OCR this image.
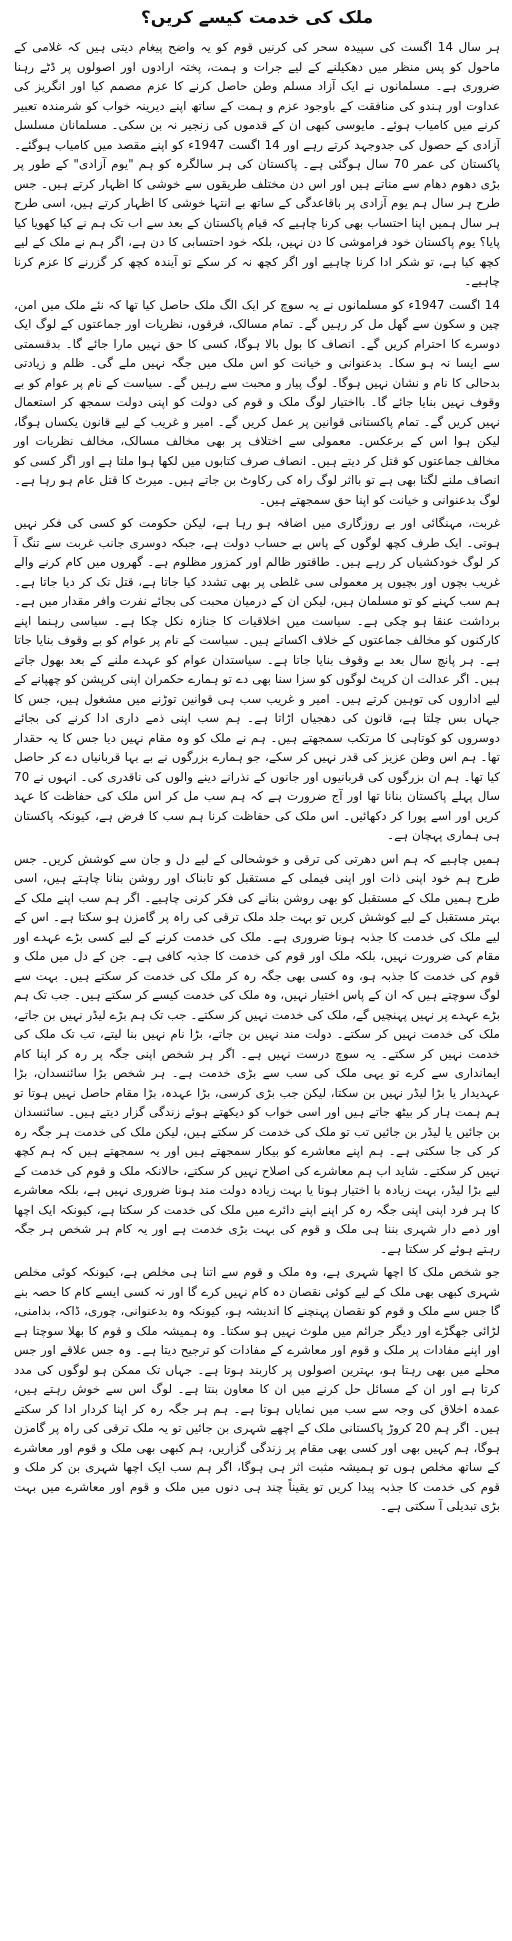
ملک کی خدمت کیسے کریں؟

ہر سال 14 اگست کی سپیدہ سحر کی کرنیں قوم کو یہ واضح پیغام دیتی ہیں کہ غلامی کے ماحول کو پس منظر میں دھکیلنے کے لیے جرات و ہمت، پختہ ارادوں اور اصولوں پر ڈٹے رہنا ضروری ہے۔ مسلمانوں نے ایک آزاد مسلم وطن حاصل کرنے کا عزم مصمم کیا اور انگریز کی عداوت اور ہندو کی منافقت کے باوجود عزم و ہمت کے ساتھ اپنے دیرینہ خواب کو شرمندہ تعبیر کرنے میں کامیاب ہوئے۔ مایوسی کبھی ان کے قدموں کی زنجیر نہ بن سکی۔ مسلمانان مسلسل آزادی کے حصول کی جدوجہد کرتے رہے اور 14 اگست 1947ء کو اپنے مقصد میں کامیاب ہوگئے۔ پاکستان کی عمر 70 سال ہوگئی ہے۔ پاکستان کی ہر سالگرہ کو ہم "یوم آزادی" کے طور پر بڑی دھوم دھام سے مناتے ہیں اور اس دن مختلف طریقوں سے خوشی کا اظہار کرتے ہیں۔ جس طرح ہر سال ہم یوم آزادی پر باقاعدگی کے ساتھ بے انتہا خوشی کا اظہار کرتے ہیں، اسی طرح ہر سال ہمیں اپنا احتساب بھی کرنا چاہیے کہ قیام پاکستان کے بعد سے اب تک ہم نے کیا کھویا کیا پایا؟ یوم پاکستان خود فراموشی کا دن نہیں، بلکہ خود احتسابی کا دن ہے، اگر ہم نے ملک کے لیے کچھ کیا ہے، تو شکر ادا کرنا چاہیے اور اگر کچھ نہ کر سکے تو آیندہ کچھ کر گزرنے کا عزم کرنا چاہیے۔

14 اگست 1947ء کو مسلمانوں نے یہ سوچ کر ایک الگ ملک حاصل کیا تھا کہ نئے ملک میں امن، چین و سکون سے گھل مل کر رہیں گے۔ تمام مسالک، فرقوں، نظریات اور جماعتوں کے لوگ ایک دوسرے کا احترام کریں گے۔ انصاف کا بول بالا ہوگا، کسی کا حق نہیں مارا جائے گا۔ بدقسمتی سے ایسا نہ ہو سکا۔ بدعنوانی و خیانت کو اس ملک میں جگہ نہیں ملے گی۔ ظلم و زیادتی بدحالی کا نام و نشان نہیں ہوگا۔ لوگ پیار و محبت سے رہیں گے۔ سیاست کے نام پر عوام کو بے وقوف نہیں بنایا جائے گا۔ بااختیار لوگ ملک و قوم کی دولت کو اپنی دولت سمجھ کر استعمال نہیں کریں گے۔ تمام پاکستانی قوانین پر عمل کریں گے۔ امیر و غریب کے لیے قانون یکساں ہوگا، لیکن ہوا اس کے برعکس۔ معمولی سے اختلاف پر بھی مخالف مسالک، مخالف نظریات اور مخالف جماعتوں کو قتل کر دیتے ہیں۔ انصاف صرف کتابوں میں لکھا ہوا ملتا ہے اور اگر کسی کو انصاف ملنے لگتا بھی ہے تو بااثر لوگ راہ کی رکاوٹ بن جاتے ہیں۔ میرٹ کا قتل عام ہو رہا ہے۔ لوگ بدعنوانی و خیانت کو اپنا حق سمجھتے ہیں۔

غربت، مہنگائی اور بے روزگاری میں اضافہ ہو رہا ہے، لیکن حکومت کو کسی کی فکر نہیں ہوتی۔ ایک طرف کچھ لوگوں کے پاس بے حساب دولت ہے، جبکہ دوسری جانب غربت سے تنگ آ کر لوگ خودکشیاں کر رہے ہیں۔ طاقتور ظالم اور کمزور مظلوم ہے۔ گھروں میں کام کرنے والے غریب بچوں اور بچیوں پر معمولی سی غلطی پر بھی تشدد کیا جاتا ہے، قتل تک کر دیا جاتا ہے۔ ہم سب کہنے کو تو مسلمان ہیں، لیکن ان کے درمیان محبت کی بجائے نفرت وافر مقدار میں ہے۔ برداشت عنقا ہو چکی ہے۔ سیاست میں اخلاقیات کا جنازہ نکل چکا ہے۔ سیاسی رہنما اپنے کارکنوں کو مخالف جماعتوں کے خلاف اکساتے ہیں۔ سیاست کے نام پر عوام کو بے وقوف بنایا جاتا ہے۔ ہر پانچ سال بعد بے وقوف بنایا جاتا ہے۔ سیاستدان عوام کو عہدے ملنے کے بعد بھول جاتے ہیں۔ اگر عدالت ان کرپٹ لوگوں کو سزا سنا بھی دے تو ہمارے حکمران اپنی کرپشن کو چھپانے کے لیے اداروں کی توہین کرتے ہیں۔ امیر و غریب سب ہی قوانین توڑنے میں مشغول ہیں، جس کا جہاں بس چلتا ہے، قانون کی دھجیاں اڑاتا ہے۔ ہم سب اپنی ذمے داری ادا کرنے کی بجائے دوسروں کو کوتاہی کا مرتکب سمجھتے ہیں۔ ہم نے ملک کو وہ مقام نہیں دیا جس کا یہ حقدار تھا۔ ہم اس وطن عزیز کی قدر نہیں کر سکے، جو ہمارے بزرگوں نے بے بہا قربانیاں دے کر حاصل کیا تھا۔ ہم ان بزرگوں کی قربانیوں اور جانوں کے نذرانے دینے والوں کی ناقدری کی۔ انہوں نے 70 سال پہلے پاکستان بنانا تھا اور آج ضرورت ہے کہ ہم سب مل کر اس ملک کی حفاظت کا عہد کریں اور اسے پورا کر دکھائیں۔ اس ملک کی حفاظت کرنا ہم سب کا فرض ہے، کیونکہ پاکستان ہی ہماری پہچان ہے۔

ہمیں چاہیے کہ ہم اس دھرتی کی ترقی و خوشحالی کے لیے دل و جان سے کوشش کریں۔ جس طرح ہم خود اپنی ذات اور اپنی فیملی کے مستقبل کو تابناک اور روشن بنانا چاہتے ہیں، اسی طرح ہمیں ملک کے مستقبل کو بھی روشن بنانے کی فکر کرنی چاہیے۔ اگر ہم سب اپنے ملک کے بہتر مستقبل کے لیے کوشش کریں تو بہت جلد ملک ترقی کی راہ پر گامزن ہو سکتا ہے۔ اس کے لیے ملک کی خدمت کا جذبہ ہونا ضروری ہے۔ ملک کی خدمت کرنے کے لیے کسی بڑے عہدے اور مقام کی ضرورت نہیں، بلکہ ملک اور قوم کی خدمت کا جذبہ کافی ہے۔ جن کے دل میں ملک و قوم کی خدمت کا جذبہ ہو، وہ کسی بھی جگہ رہ کر ملک کی خدمت کر سکتے ہیں۔ بہت سے لوگ سوچتے ہیں کہ ان کے پاس اختیار نہیں، وہ ملک کی خدمت کیسے کر سکتے ہیں۔ جب تک ہم بڑے عہدے پر نہیں پہنچیں گے، ملک کی خدمت نہیں کر سکتے۔ جب تک ہم بڑے لیڈر نہیں بن جاتے، ملک کی خدمت نہیں کر سکتے۔ دولت مند نہیں بن جاتے، بڑا نام نہیں بنا لیتے، تب تک ملک کی خدمت نہیں کر سکتے۔ یہ سوچ درست نہیں ہے۔ اگر ہر شخص اپنی جگہ پر رہ کر اپنا کام ایمانداری سے کرے تو یہی ملک کی سب سے بڑی خدمت ہے۔ ہر شخص بڑا سائنسدان، بڑا عہدیدار یا بڑا لیڈر نہیں بن سکتا، لیکن جب بڑی کرسی، بڑا عہدہ، بڑا مقام حاصل نہیں ہوتا تو ہم ہمت ہار کر بیٹھ جاتے ہیں اور اسی خواب کو دیکھتے ہوئے زندگی گزار دیتے ہیں۔ سائنسدان بن جائیں یا لیڈر بن جائیں تب تو ملک کی خدمت کر سکتے ہیں، لیکن ملک کی خدمت ہر جگہ رہ کر کی جا سکتی ہے۔ ہم اپنے معاشرے کو بیکار سمجھتے ہیں اور یہ سمجھتے ہیں کہ ہم کچھ نہیں کر سکتے۔ شاید اب ہم معاشرے کی اصلاح نہیں کر سکتے، حالانکہ ملک و قوم کی خدمت کے لیے بڑا لیڈر، بہت زیادہ با اختیار ہونا یا بہت زیادہ دولت مند ہونا ضروری نہیں ہے، بلکہ معاشرے کا ہر فرد اپنی اپنی جگہ رہ کر اپنے اپنے دائرے میں ملک کی خدمت کر سکتا ہے، کیونکہ ایک اچھا اور ذمے دار شہری بننا ہی ملک و قوم کی بہت بڑی خدمت ہے اور یہ کام ہر شخص ہر جگہ رہتے ہوئے کر سکتا ہے۔

جو شخص ملک کا اچھا شہری ہے، وہ ملک و قوم سے اتنا ہی مخلص ہے، کیونکہ کوئی مخلص شہری کبھی بھی ملک کے لیے کوئی نقصان دہ کام نہیں کرے گا اور نہ کسی ایسے کام کا حصہ بنے گا جس سے ملک و قوم کو نقصان پہنچنے کا اندیشہ ہو، کیونکہ وہ بدعنوانی، چوری، ڈاکہ، بدامنی، لڑائی جھگڑے اور دیگر جرائم میں ملوث نہیں ہو سکتا۔ وہ ہمیشہ ملک و قوم کا بھلا سوچتا ہے اور اپنے مفادات پر ملک و قوم اور معاشرے کے مفادات کو ترجیح دیتا ہے۔ وہ جس علاقے اور جس محلے میں بھی رہتا ہو، بہترین اصولوں پر کاربند ہوتا ہے۔ جہاں تک ممکن ہو لوگوں کی مدد کرتا ہے اور ان کے مسائل حل کرنے میں ان کا معاون بنتا ہے۔ لوگ اس سے خوش رہتے ہیں، عمدہ اخلاق کی وجہ سے سب میں نمایاں ہوتا ہے۔ ہم ہر جگہ رہ کر اپنا کردار ادا کر سکتے ہیں۔ اگر ہم 20 کروڑ پاکستانی ملک کے اچھے شہری بن جائیں تو یہ ملک ترقی کی راہ پر گامزن ہوگا، ہم کہیں بھی اور کسی بھی مقام پر زندگی گزاریں، ہم کبھی بھی ملک و قوم اور معاشرے کے ساتھ مخلص ہوں تو ہمیشہ مثبت اثر ہی ہوگا، اگر ہم سب ایک اچھا شہری بن کر ملک و قوم کی خدمت کا جذبہ پیدا کریں تو یقیناً چند ہی دنوں میں ملک و قوم اور معاشرے میں بہت بڑی تبدیلی آ سکتی ہے۔
